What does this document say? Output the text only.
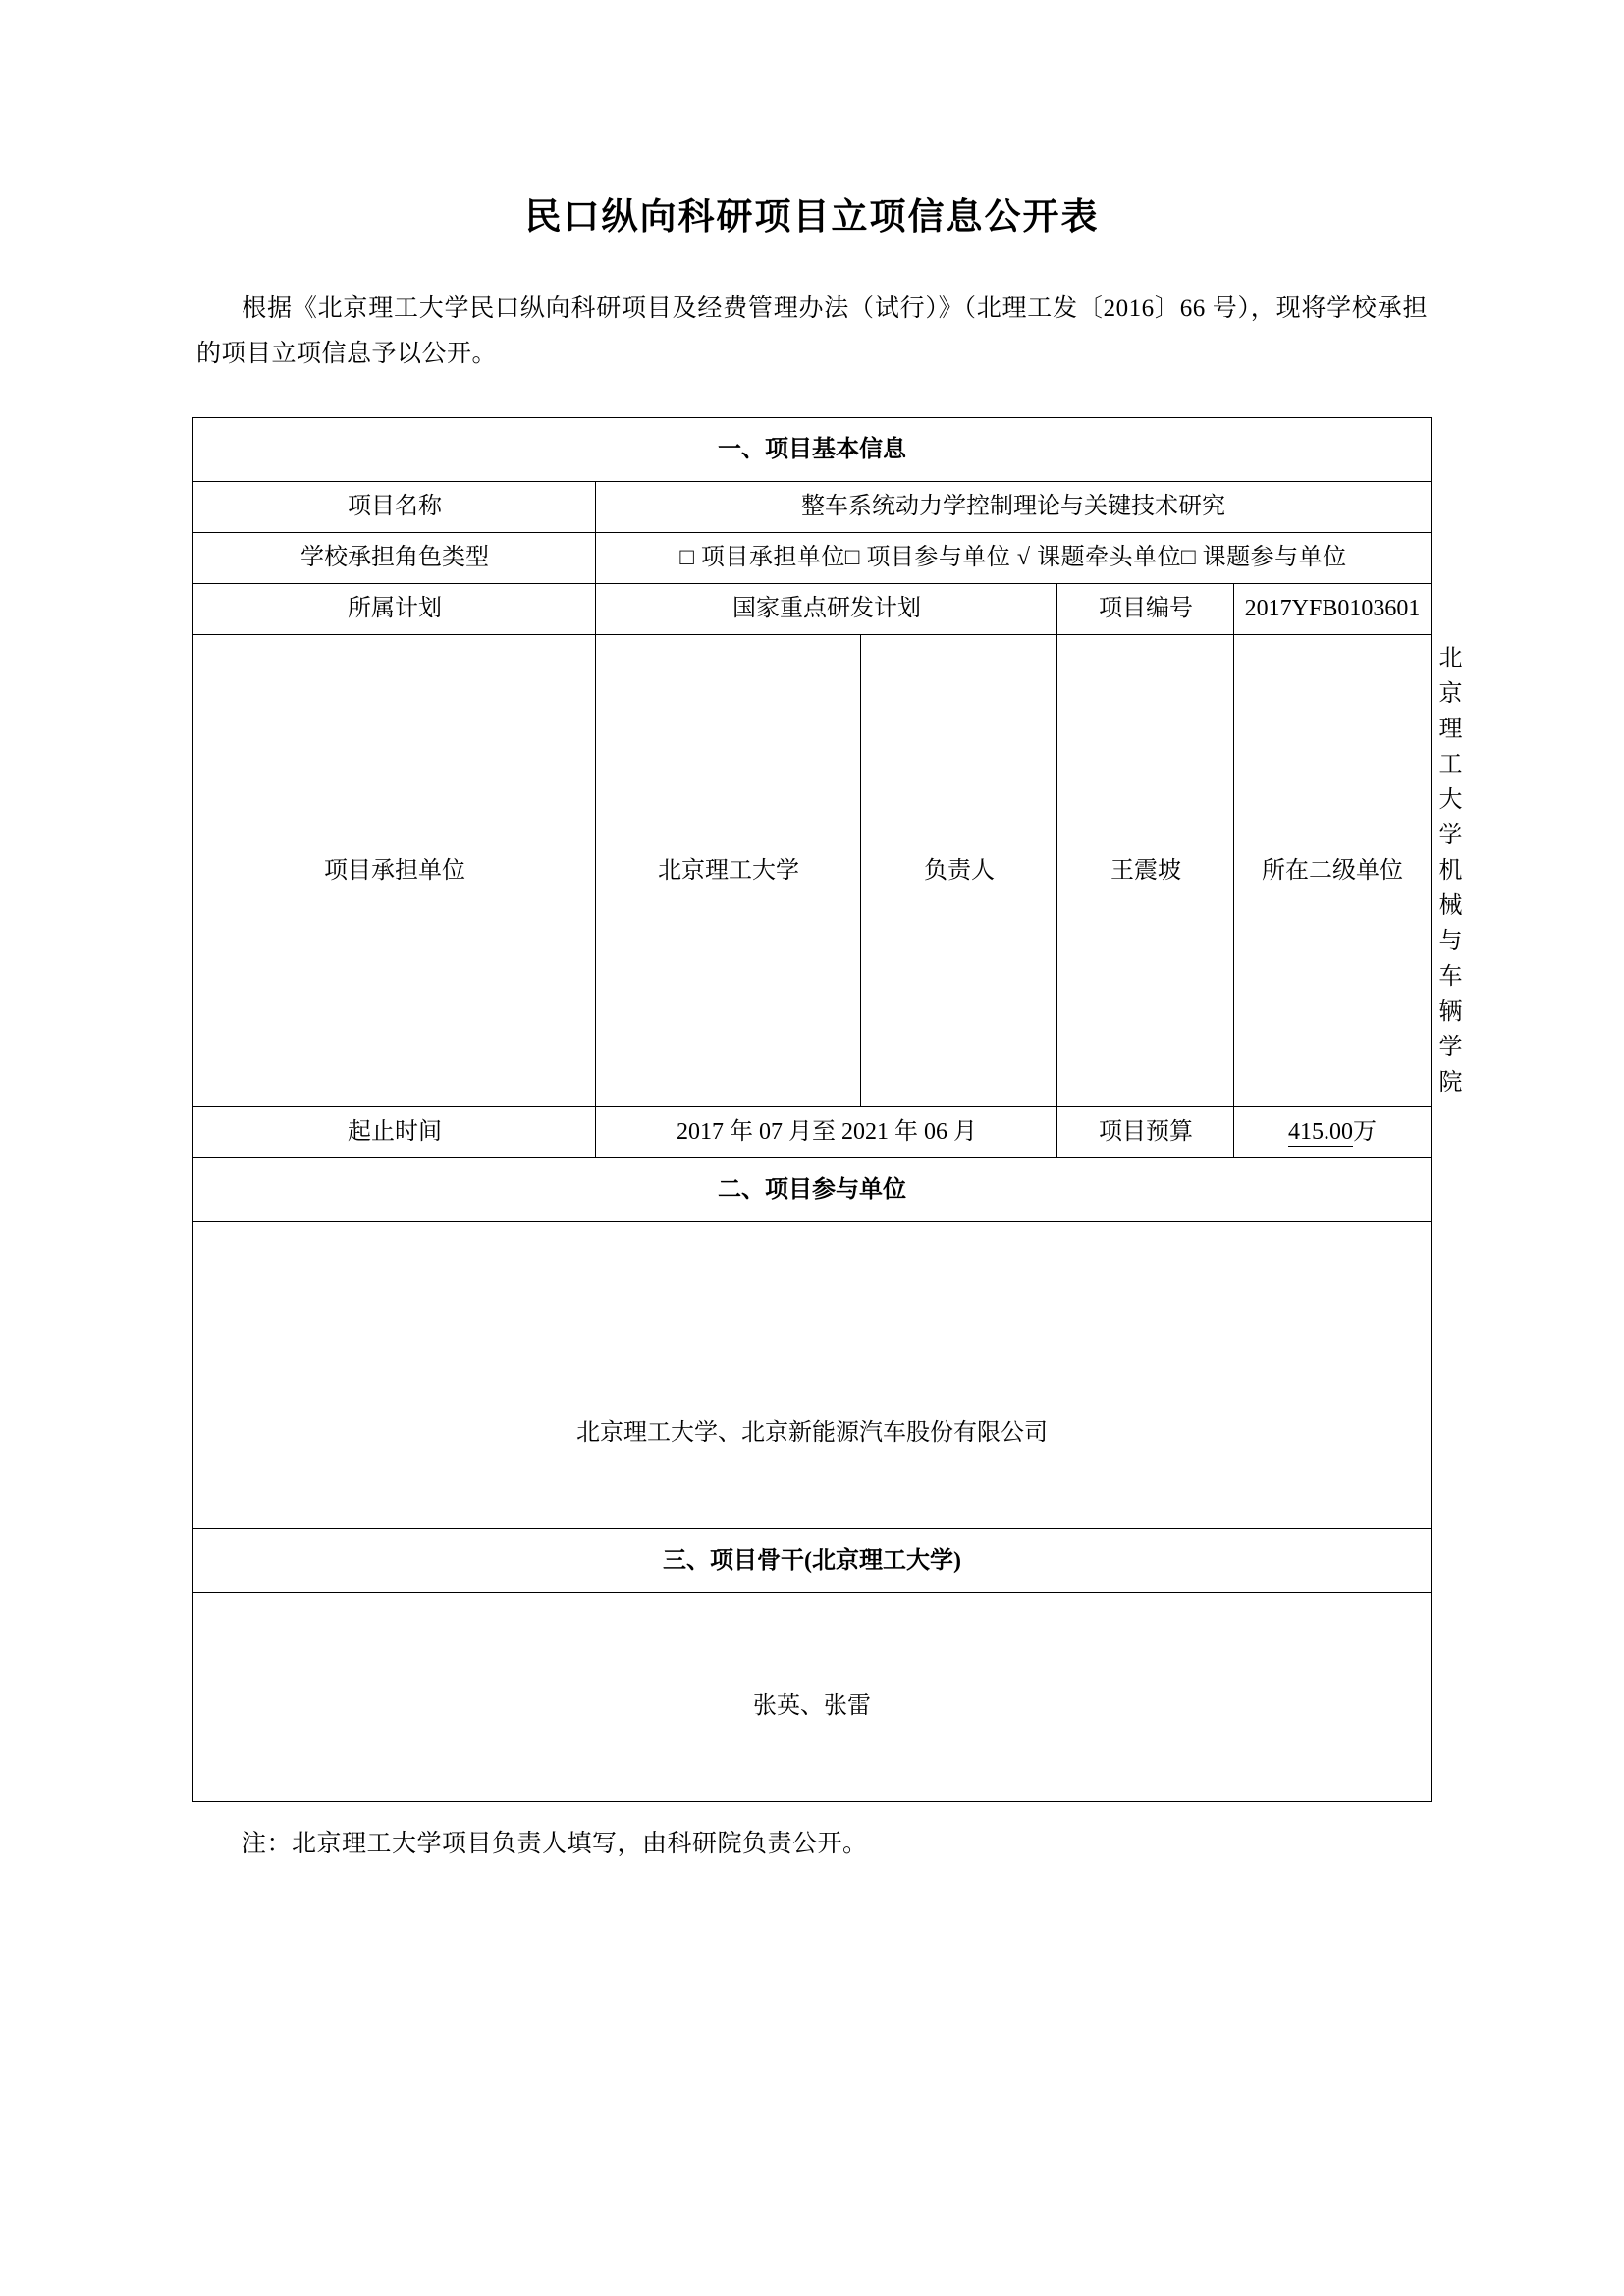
民口纵向科研项目立项信息公开表

根据《北京理工大学民口纵向科研项目及经费管理办法（试行）》（北理工发〔2016〕66 号），现将学校承担的项目立项信息予以公开。

一、项目基本信息					
项目名称	整车系统动力学控制理论与关键技术研究				
学校承担角色类型	□ 项目承担单位□ 项目参与单位 √ 课题牵头单位□ 课题参与单位				
所属计划	国家重点研发计划		项目编号	2017YFB0103601	
项目承担单位	北京理工大学	负责人	王震坡	所在二级单位	北京理工大学机械与车辆学院
起止时间	2017 年 07 月至 2021 年 06 月		项目预算	415.00万	
二、项目参与单位					

北京理工大学、北京新能源汽车股份有限公司					

三、项目骨干(北京理工大学)					

张英、张雷					

注：北京理工大学项目负责人填写，由科研院负责公开。
